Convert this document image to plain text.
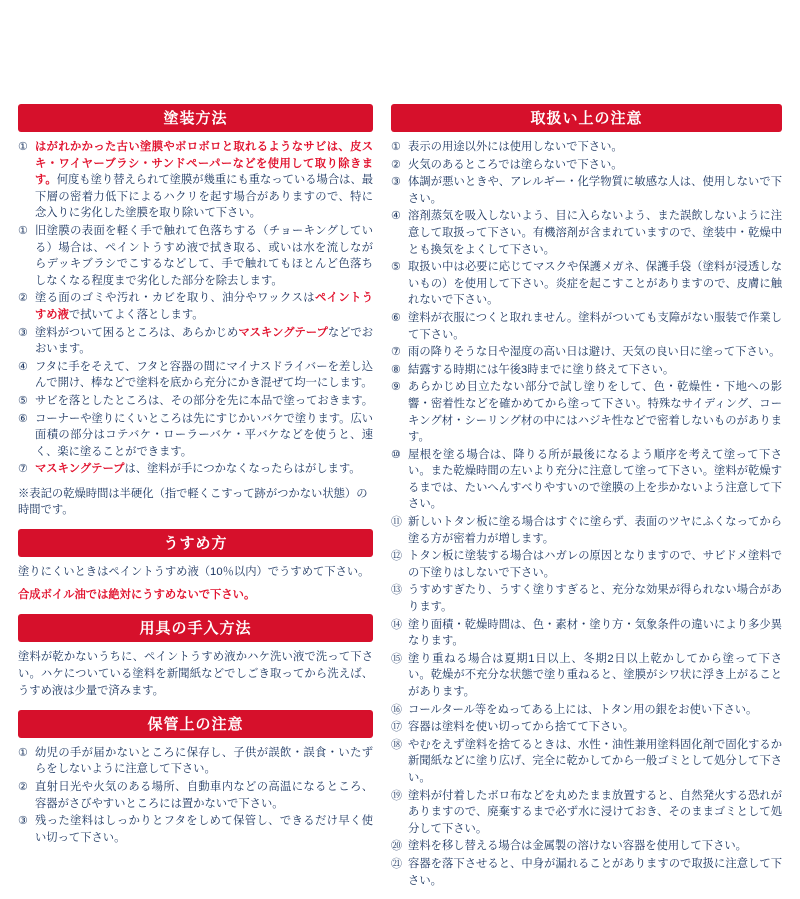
塗装方法
① はがれかかった古い塗膜やボロボロと取れるようなサビは、皮スキ・ワイヤーブラシ・サンドペーパーなどを使用して取り除きます。何度も塗り替えられて塗膜が幾重にも重なっている場合は、最下層の密着力低下によるハクリを起す場合がありますので、特に念入りに劣化した塗膜を取り除いて下さい。
① 旧塗膜の表面を軽く手で触れて色落ちする（チョーキングしている）場合は、ペイントうすめ液で拭き取る、或いは水を流しながらデッキブラシでこするなどして、手で触れてもほとんど色落ちしなくなる程度まで劣化した部分を除去します。
② 塗る面のゴミや汚れ・カビを取り、油分やワックスはペイントうすめ液で拭いてよく落とします。
③ 塗料がついて困るところは、あらかじめマスキングテープなどでおおいます。
④ フタに手をそえて、フタと容器の間にマイナスドライバーを差し込んで開け、棒などで塗料を底から充分にかき混ぜて均一にします。
⑤ サビを落としたところは、その部分を先に本品で塗っておきます。
⑥ コーナーや塗りにくいところは先にすじかいバケで塗ります。広い面積の部分はコテバケ・ローラーバケ・平バケなどを使うと、速く、楽に塗ることができます。
⑦ マスキングテープは、塗料が手につかなくなったらはがします。
※表記の乾燥時間は半硬化（指で軽くこすって跡がつかない状態）の時間です。
うすめ方

塗りにくいときはペイントうすめ液（10％以内）でうすめて下さい。

合成ボイル油では絶対にうすめないで下さい。

用具の手入方法

塗料が乾かないうちに、ペイントうすめ液かハケ洗い液で洗って下さい。ハケについている塗料を新聞紙などでしごき取ってから洗えば、うすめ液は少量で済みます。

保管上の注意
① 幼児の手が届かないところに保存し、子供が誤飲・誤食・いたずらをしないように注意して下さい。
② 直射日光や火気のある場所、自動車内などの高温になるところ、容器がさびやすいところには置かないで下さい。
③ 残った塗料はしっかりとフタをしめて保管し、できるだけ早く使い切って下さい。
取扱い上の注意
① 表示の用途以外には使用しないで下さい。
② 火気のあるところでは塗らないで下さい。
③ 体調が悪いときや、アレルギー・化学物質に敏感な人は、使用しないで下さい。
④ 溶剤蒸気を吸入しないよう、目に入らないよう、また誤飲しないように注意して取扱って下さい。有機溶剤が含まれていますので、塗装中・乾燥中とも換気をよくして下さい。
⑤ 取扱い中は必要に応じてマスクや保護メガネ、保護手袋（塗料が浸透しないもの）を使用して下さい。炎症を起こすことがありますので、皮膚に触れないで下さい。
⑥ 塗料が衣服につくと取れません。塗料がついても支障がない服装で作業して下さい。
⑦ 雨の降りそうな日や湿度の高い日は避け、天気の良い日に塗って下さい。
⑧ 結露する時期には午後3時までに塗り終えて下さい。
⑨ あらかじめ目立たない部分で試し塗りをして、色・乾燥性・下地への影響・密着性などを確かめてから塗って下さい。特殊なサイディング、コーキング材・シーリング材の中にはハジキ性などで密着しないものがあります。
⑩ 屋根を塗る場合は、降りる所が最後になるよう順序を考えて塗って下さい。また乾燥時間の左いより充分に注意して塗って下さい。塗料が乾燥するまでは、たいへんすべりやすいので塗膜の上を歩かないよう注意して下さい。
⑪ 新しいトタン板に塗る場合はすぐに塗らず、表面のツヤにふくなってから塗る方が密着力が増します。
⑫ トタン板に塗装する場合はハガレの原因となりますので、サビドメ塗料での下塗りはしないで下さい。
⑬ うすめすぎたり、うすく塗りすぎると、充分な効果が得られない場合があります。
⑭ 塗り面積・乾燥時間は、色・素材・塗り方・気象条件の違いにより多少異なります。
⑮ 塗り重ねる場合は夏期1日以上、冬期2日以上乾かしてから塗って下さい。乾燥が不充分な状態で塗り重ねると、塗膜がシワ状に浮き上がることがあります。
⑯ コールタール等をぬってある上には、トタン用の銀をお使い下さい。
⑰ 容器は塗料を使い切ってから捨てて下さい。
⑱ やむをえず塗料を捨てるときは、水性・油性兼用塗料固化剤で固化するか新聞紙などに塗り広げ、完全に乾かしてから一般ゴミとして処分して下さい。
⑲ 塗料が付着したボロ布などを丸めたまま放置すると、自然発火する恐れがありますので、廃棄するまで必ず水に浸けておき、そのままゴミとして処分して下さい。
⑳ 塗料を移し替える場合は金属製の溶けない容器を使用して下さい。
㉑ 容器を落下させると、中身が漏れることがありますので取扱に注意して下さい。
